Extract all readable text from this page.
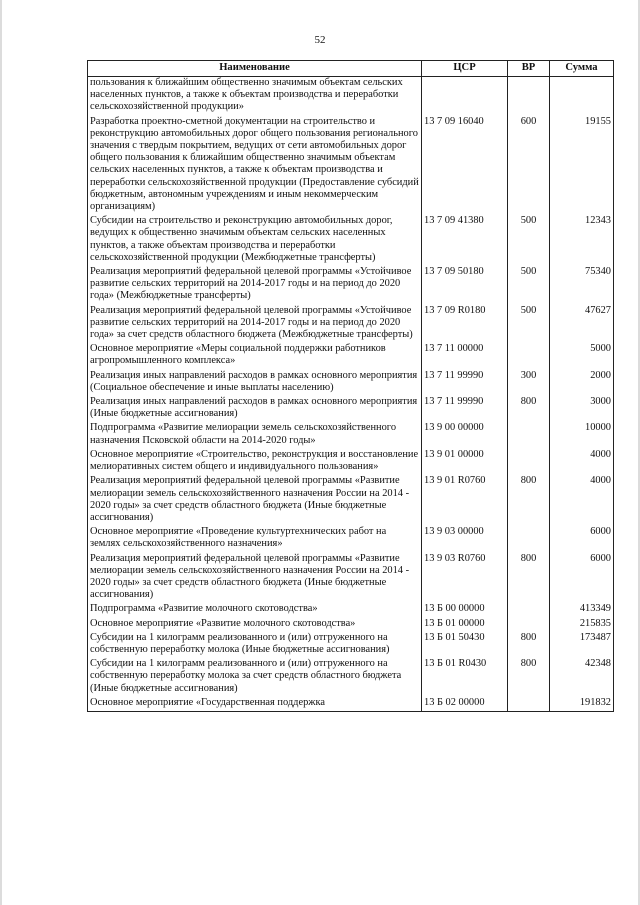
52
Наименование	ЦСР	ВР	Сумма
пользования к ближайшим общественно значимым объектам сельских населенных пунктов, а также к объектам производства и переработки сельскохозяйственной продукции»			
Разработка проектно-сметной документации на строительство и реконструкцию автомобильных дорог общего пользования регионального значения с твердым покрытием, ведущих от сети автомобильных дорог общего пользования к ближайшим общественно значимым объектам сельских населенных пунктов, а также к объектам производства и переработки сельскохозяйственной продукции (Предоставление субсидий бюджетным, автономным учреждениям и иным некоммерческим организациям)	13 7 09 16040	600	19155
Субсидии на строительство и реконструкцию автомобильных дорог, ведущих к общественно значимым объектам сельских населенных пунктов, а также объектам производства и переработки сельскохозяйственной продукции (Межбюджетные трансферты)	13 7 09 41380	500	12343
Реализация мероприятий федеральной целевой программы «Устойчивое развитие сельских территорий на 2014-2017 годы и на период до 2020 года» (Межбюджетные трансферты)	13 7 09 50180	500	75340
Реализация мероприятий федеральной целевой программы «Устойчивое развитие сельских территорий на 2014-2017 годы и на период до 2020 года» за счет средств областного бюджета (Межбюджетные трансферты)	13 7 09 R0180	500	47627
Основное мероприятие «Меры социальной поддержки работников агропромышленного комплекса»	13 7 11 00000		5000
Реализация иных направлений расходов в рамках основного мероприятия (Социальное обеспечение и иные выплаты населению)	13 7 11 99990	300	2000
Реализация иных направлений расходов в рамках основного мероприятия (Иные бюджетные ассигнования)	13 7 11 99990	800	3000
Подпрограмма «Развитие мелиорации земель сельскохозяйственного назначения Псковской области на 2014-2020 годы»	13 9 00 00000		10000
Основное мероприятие «Строительство, реконструкция и восстановление мелиоративных систем общего и индивидуального пользования»	13 9 01 00000		4000
Реализация мероприятий федеральной целевой программы «Развитие мелиорации земель сельскохозяйственного назначения России на 2014 - 2020 годы» за счет средств областного бюджета (Иные бюджетные ассигнования)	13 9 01 R0760	800	4000
Основное мероприятие «Проведение культуртехнических работ на землях сельскохозяйственного назначения»	13 9 03 00000		6000
Реализация мероприятий федеральной целевой программы «Развитие мелиорации земель сельскохозяйственного назначения России на 2014 - 2020 годы» за счет средств областного бюджета (Иные бюджетные ассигнования)	13 9 03 R0760	800	6000
Подпрограмма «Развитие молочного скотоводства»	13 Б 00 00000		413349
Основное мероприятие «Развитие молочного скотоводства»	13 Б 01 00000		215835
Субсидии на 1 килограмм реализованного и (или) отгруженного на собственную переработку молока (Иные бюджетные ассигнования)	13 Б 01 50430	800	173487
Субсидии на 1 килограмм реализованного и (или) отгруженного на собственную переработку молока за счет средств областного бюджета (Иные бюджетные ассигнования)	13 Б 01 R0430	800	42348
Основное мероприятие «Государственная поддержка	13 Б 02 00000		191832
